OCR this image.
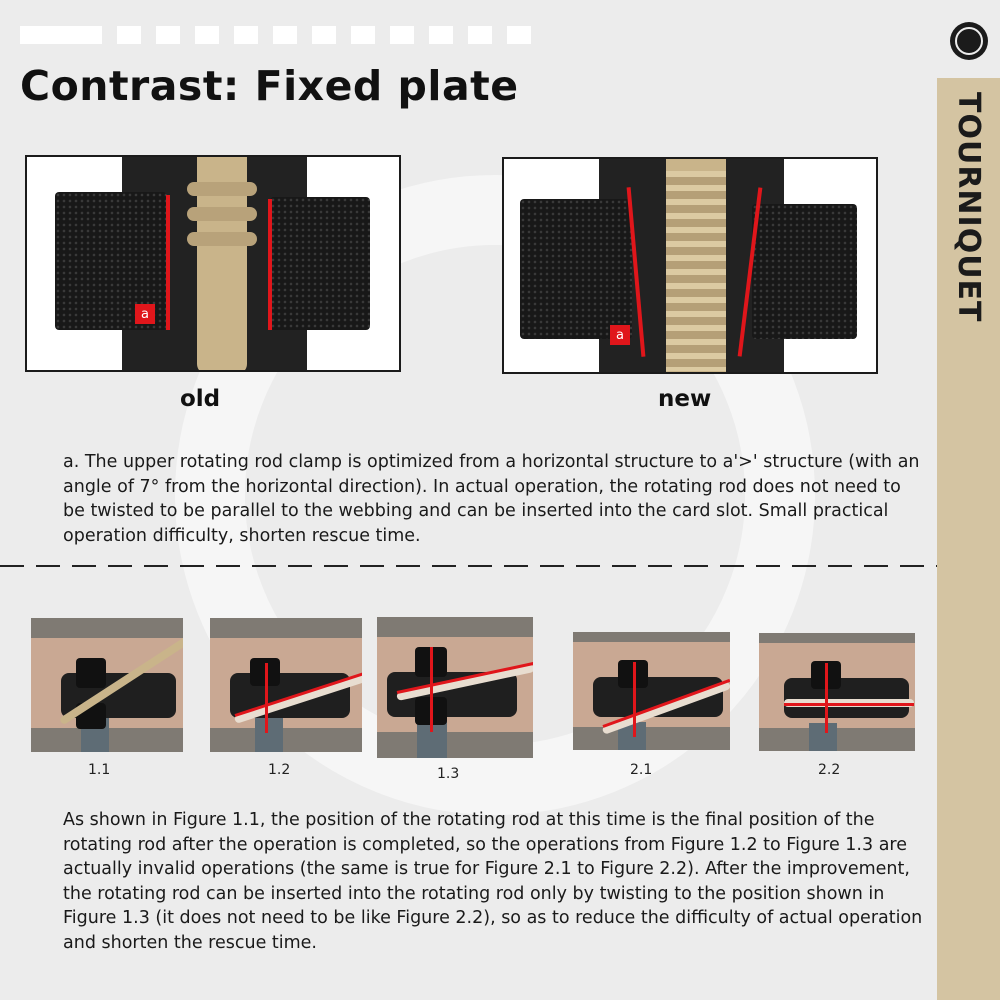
Contrast: Fixed plate
TOURNIQUET
a
old
a
new

a. The upper rotating rod clamp is optimized from a horizontal structure to a'>' structure (with an angle of 7° from the horizontal direction). In actual operation, the rotating rod does not need to be twisted to be parallel to the webbing and can be inserted into the card slot. Small practical operation difficulty, shorten rescue time.

1.1	1.2	1.3	2.1	2.2

As shown in Figure 1.1, the position of the rotating rod at this time is the final position of the rotating rod after the operation is completed, so the operations from Figure 1.2 to Figure 1.3 are actually invalid operations (the same is true for Figure 2.1 to Figure 2.2). After the improvement, the rotating rod can be inserted into the rotating rod only by twisting to the position shown in Figure 1.3 (it does not need to be like Figure 2.2), so as to reduce the difficulty of actual operation and shorten the rescue time.
